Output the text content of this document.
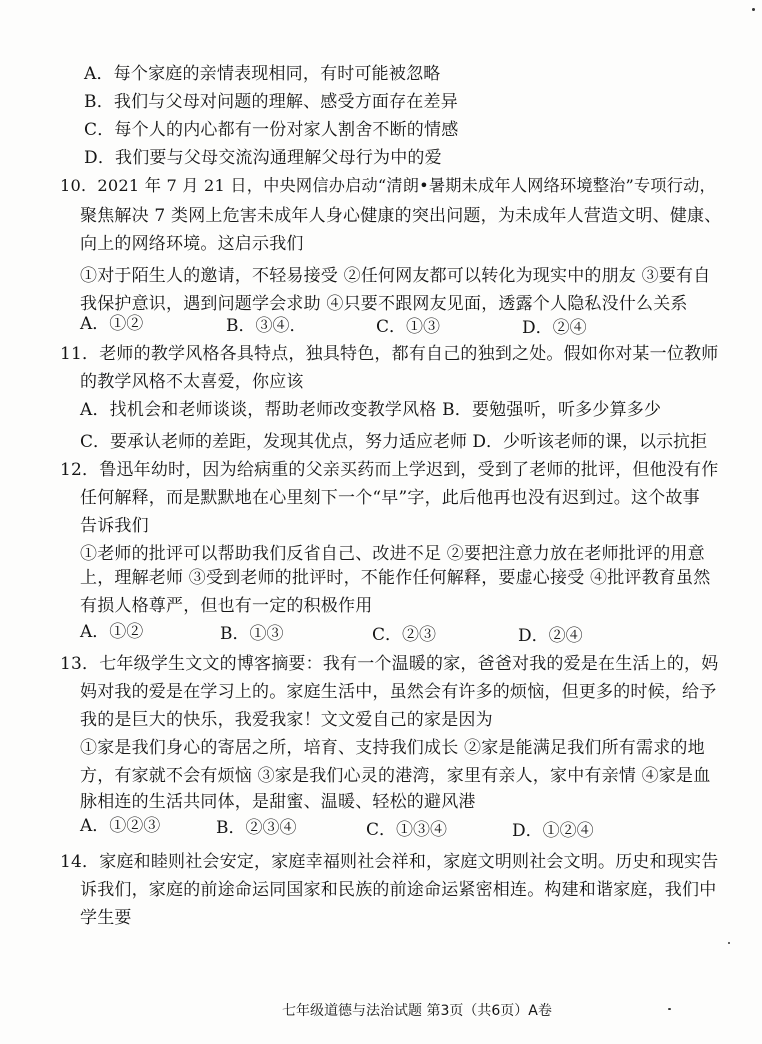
A．每个家庭的亲情表现相同，有时可能被忽略
B．我们与父母对问题的理解、感受方面存在差异
C．每个人的内心都有一份对家人割舍不断的情感
D．我们要与父母交流沟通理解父母行为中的爱
10．2021 年 7 月 21 日，中央网信办启动“清朗•暑期未成年人网络环境整治”专项行动，
聚焦解决 7 类网上危害未成年人身心健康的突出问题，为未成年人营造文明、健康、
向上的网络环境。这启示我们
①对于陌生人的邀请，不轻易接受 ②任何网友都可以转化为现实中的朋友 ③要有自
我保护意识，遇到问题学会求助 ④只要不跟网友见面，透露个人隐私没什么关系
A．①②	B．③④．	C．①③	D．②④
11．老师的教学风格各具特点，独具特色，都有自己的独到之处。假如你对某一位教师
的教学风格不太喜爱，你应该
A．找机会和老师谈谈，帮助老师改变教学风格 B．要勉强听，听多少算多少
C．要承认老师的差距，发现其优点，努力适应老师 D．少听该老师的课，以示抗拒
12．鲁迅年幼时，因为给病重的父亲买药而上学迟到，受到了老师的批评，但他没有作
任何解释，而是默默地在心里刻下一个“早”字，此后他再也没有迟到过。这个故事
告诉我们
①老师的批评可以帮助我们反省自己、改进不足 ②要把注意力放在老师批评的用意
上，理解老师 ③受到老师的批评时，不能作任何解释，要虚心接受 ④批评教育虽然
有损人格尊严，但也有一定的积极作用
A．①②	B．①③	C．②③	D．②④
13．七年级学生文文的博客摘要：我有一个温暖的家，爸爸对我的爱是在生活上的，妈
妈对我的爱是在学习上的。家庭生活中，虽然会有许多的烦恼，但更多的时候，给予
我的是巨大的快乐，我爱我家！文文爱自己的家是因为
①家是我们身心的寄居之所，培育、支持我们成长 ②家是能满足我们所有需求的地
方，有家就不会有烦恼 ③家是我们心灵的港湾，家里有亲人，家中有亲情 ④家是血
脉相连的生活共同体，是甜蜜、温暖、轻松的避风港
A．①②③	B．②③④	C．①③④	D．①②④
14．家庭和睦则社会安定，家庭幸福则社会祥和，家庭文明则社会文明。历史和现实告
诉我们，家庭的前途命运同国家和民族的前途命运紧密相连。构建和谐家庭，我们中
学生要
七年级道德与法治试题 第3页（共6页）A卷
